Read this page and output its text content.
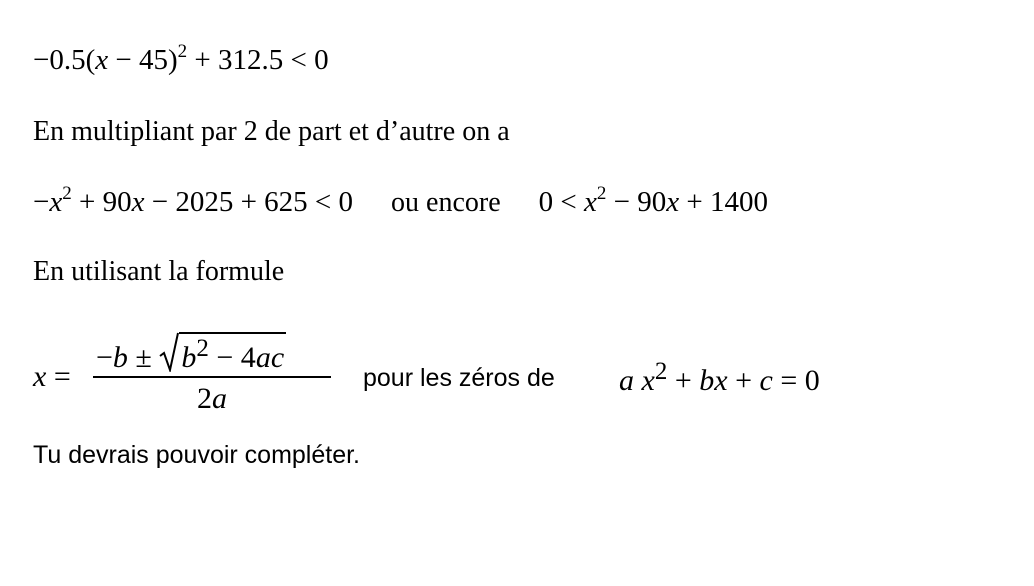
$-0.5(x - 45)^2 + 312.5 < 0$
En multipliant par 2 de part et d’autre on a
$-x^2 + 90x - 2025 + 625 < 0$ ou encore $0 < x^2 - 90x + 1400$
En utilisant la formule
x =
−b ±
$b^2 - 4ac$
2a
pour les zéros de a $x^2$ + bx + c = 0
Tu devrais pouvoir compléter.
